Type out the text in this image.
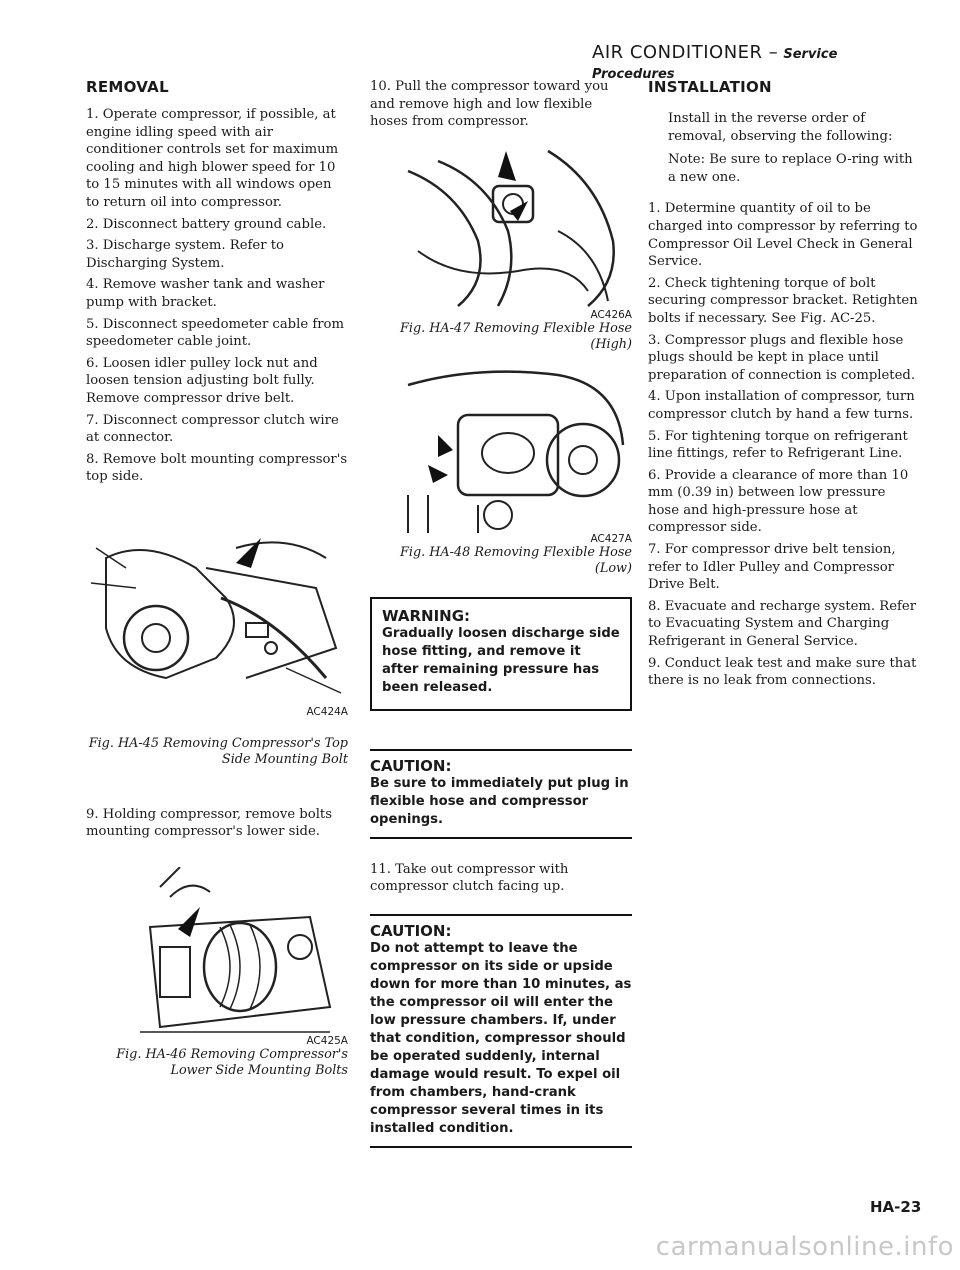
AIR CONDITIONER – Service Procedures
REMOVAL

1. Operate compressor, if possible, at engine idling speed with air conditioner controls set for maximum cooling and high blower speed for 10 to 15 minutes with all windows open to return oil into compressor.

2. Disconnect battery ground cable.

3. Discharge system. Refer to Discharging System.

4. Remove washer tank and washer pump with bracket.

5. Disconnect speedometer cable from speedometer cable joint.

6. Loosen idler pulley lock nut and loosen tension adjusting bolt fully. Remove compressor drive belt.

7. Disconnect compressor clutch wire at connector.

8. Remove bolt mounting compressor's top side.

AC424A
Fig. HA-45 Removing Compressor's Top Side Mounting Bolt

9. Holding compressor, remove bolts mounting compressor's lower side.

AC425A
Fig. HA-46 Removing Compressor's Lower Side Mounting Bolts

10. Pull the compressor toward you and remove high and low flexible hoses from compressor.

AC426A
Fig. HA-47 Removing Flexible Hose (High)
AC427A
Fig. HA-48 Removing Flexible Hose (Low)
WARNING:
Gradually loosen discharge side hose fitting, and remove it after remaining pressure has been released.
CAUTION:
Be sure to immediately put plug in flexible hose and compressor openings.

11. Take out compressor with compressor clutch facing up.

CAUTION:
Do not attempt to leave the compressor on its side or upside down for more than 10 minutes, as the compressor oil will enter the low pressure chambers. If, under that condition, compressor should be operated suddenly, internal damage would result. To expel oil from chambers, hand-crank compressor several times in its installed condition.
INSTALLATION

Install in the reverse order of removal, observing the following:

Note: Be sure to replace O-ring with a new one.

1. Determine quantity of oil to be charged into compressor by referring to Compressor Oil Level Check in General Service.

2. Check tightening torque of bolt securing compressor bracket. Retighten bolts if necessary. See Fig. AC-25.

3. Compressor plugs and flexible hose plugs should be kept in place until preparation of connection is completed.

4. Upon installation of compressor, turn compressor clutch by hand a few turns.

5. For tightening torque on refrigerant line fittings, refer to Refrigerant Line.

6. Provide a clearance of more than 10 mm (0.39 in) between low pressure hose and high-pressure hose at compressor side.

7. For compressor drive belt tension, refer to Idler Pulley and Compressor Drive Belt.

8. Evacuate and recharge system. Refer to Evacuating System and Charging Refrigerant in General Service.

9. Conduct leak test and make sure that there is no leak from connections.

HA-23
carmanualsonline.info
